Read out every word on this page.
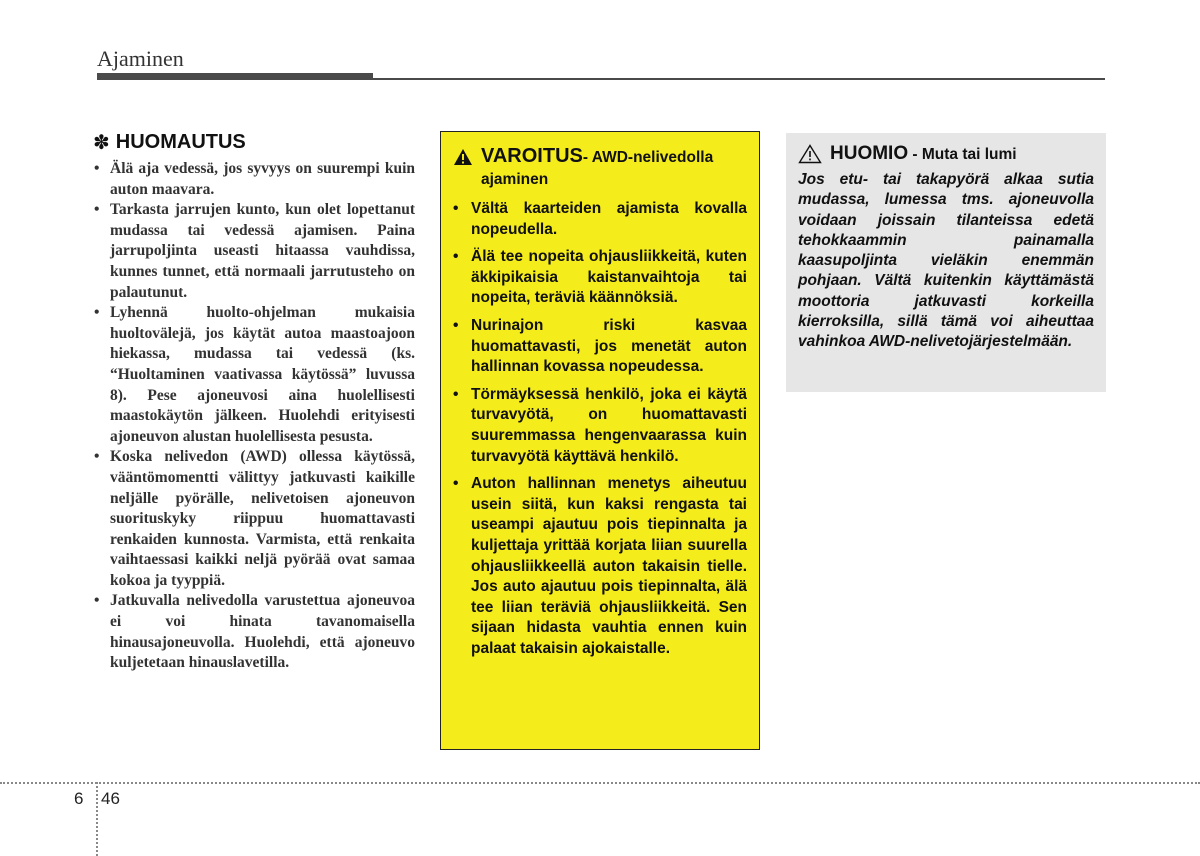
Ajaminen
✽ HUOMAUTUS
• Älä aja vedessä, jos syvyys on suurempi kuin auton maavara.
• Tarkasta jarrujen kunto, kun olet lopettanut mudassa tai vedessä ajamisen. Paina jarrupoljinta useasti hitaassa vauhdissa, kunnes tunnet, että normaali jarrutusteho on palautunut.
• Lyhennä huolto-ohjelman mukaisia huoltovälejä, jos käytät autoa maastoajoon hiekassa, mudassa tai vedessä (ks. “Huoltaminen vaativassa käytössä” luvussa 8). Pese ajoneuvosi aina huolellisesti maastokäytön jälkeen. Huolehdi erityisesti ajoneuvon alustan huolellisesta pesusta.
• Koska nelivedon (AWD) ollessa käytössä, vääntömomentti välittyy jatkuvasti kaikille neljälle pyörälle, nelivetoisen ajoneuvon suorituskyky riippuu huomattavasti renkaiden kunnosta. Varmista, että renkaita vaihtaessasi kaikki neljä pyörää ovat samaa kokoa ja tyyppiä.
• Jatkuvalla nelivedolla varustettua ajoneuvoa ei voi hinata tavanomaisella hinausajoneuvolla. Huolehdi, että ajoneuvo kuljetetaan hinauslavetilla.
VAROITUS- AWD-nelivedolla ajaminen
• Vältä kaarteiden ajamista kovalla nopeudella.
• Älä tee nopeita ohjausliikkeitä, kuten äkkipikaisia kaistanvaihtoja tai nopeita, teräviä käännöksiä.
• Nurinajon riski kasvaa huomattavasti, jos menetät auton hallinnan kovassa nopeudessa.
• Törmäyksessä henkilö, joka ei käytä turvavyötä, on huomattavasti suuremmassa hengenvaarassa kuin turvavyötä käyttävä henkilö.
• Auton hallinnan menetys aiheutuu usein siitä, kun kaksi rengasta tai useampi ajautuu pois tiepinnalta ja kuljettaja yrittää korjata liian suurella ohjausliikkeellä auton takaisin tielle. Jos auto ajautuu pois tiepinnalta, älä tee liian teräviä ohjausliikkeitä. Sen sijaan hidasta vauhtia ennen kuin palaat takaisin ajokaistalle.
HUOMIO - Muta tai lumi

Jos etu- tai takapyörä alkaa sutia mudassa, lumessa tms. ajoneuvolla voidaan joissain tilanteissa edetä tehokkaammin painamalla kaasupoljinta vieläkin enemmän pohjaan. Vältä kuitenkin käyttämästä moottoria jatkuvasti korkeilla kierroksilla, sillä tämä voi aiheuttaa vahinkoa AWD-nelivetojärjestelmään.

6 46
